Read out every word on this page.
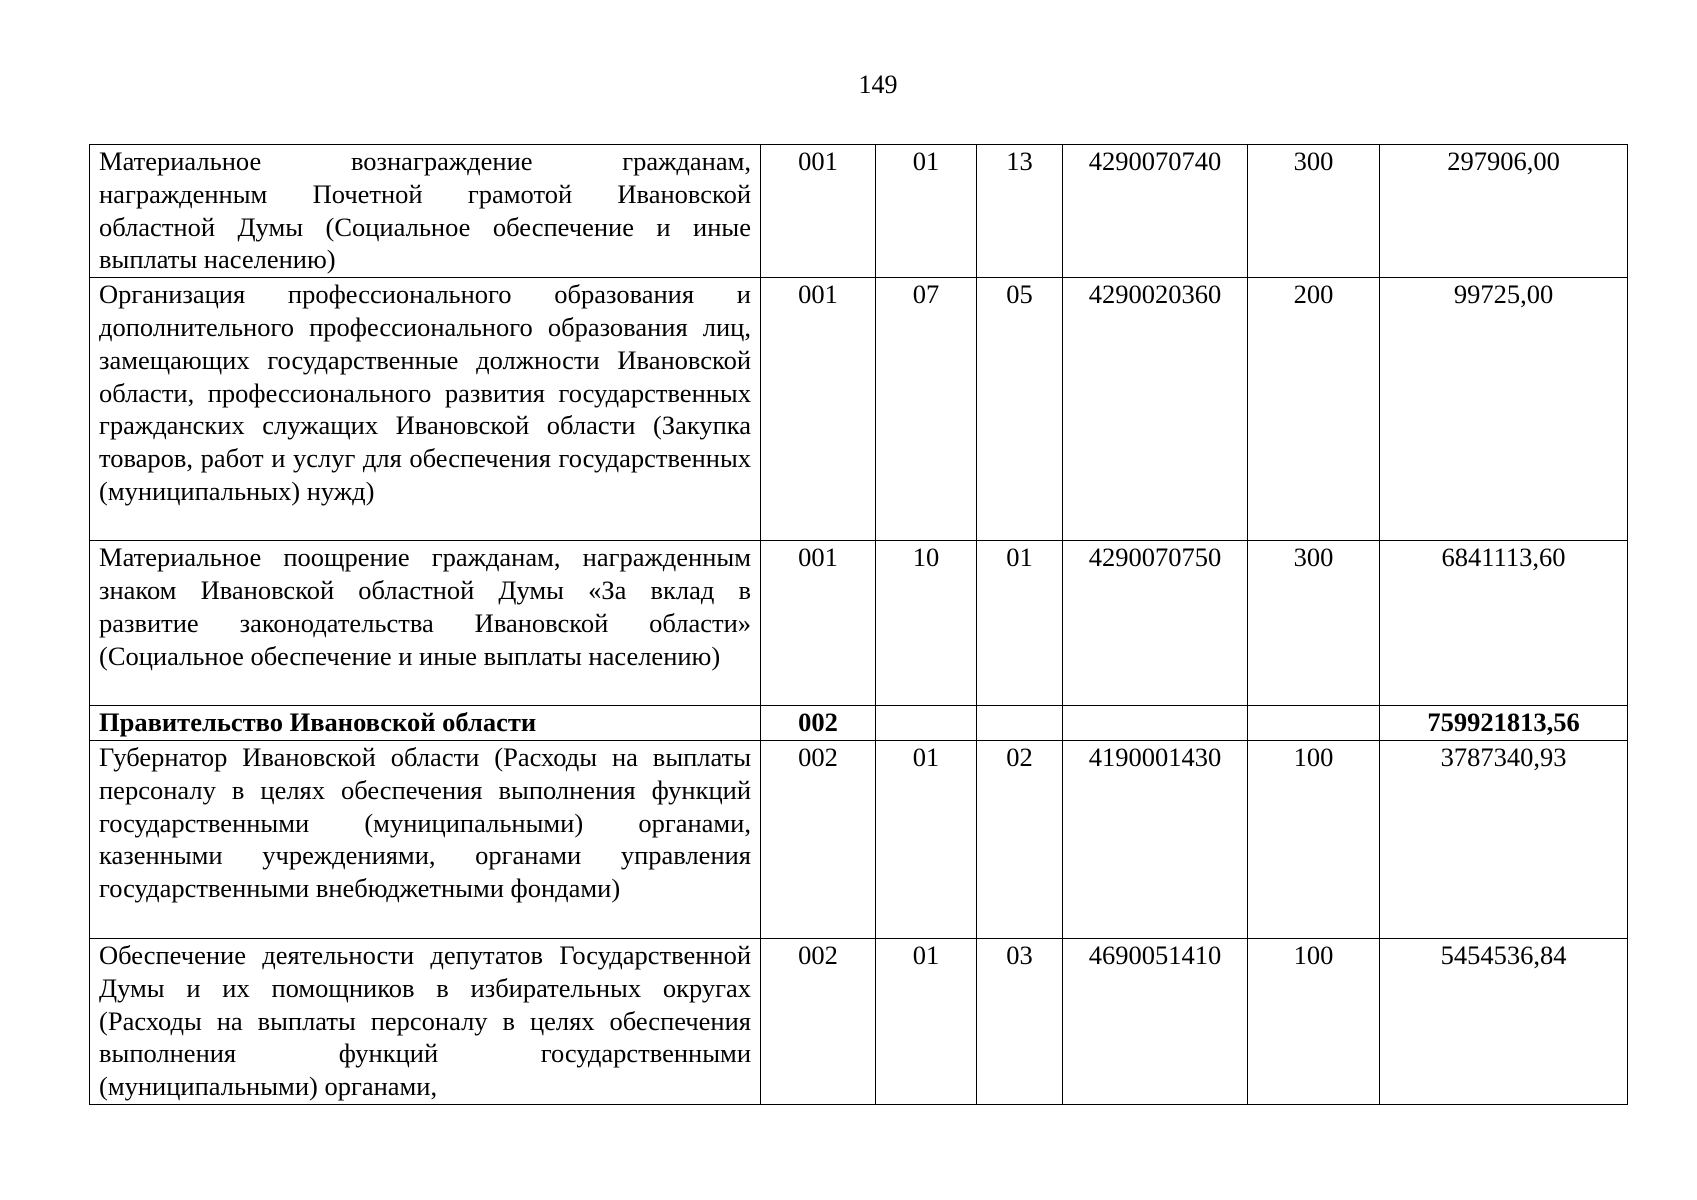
149
Материальное вознаграждение гражданам, награжденным Почетной грамотой Ивановской областной Думы (Социальное обеспечение и иные выплаты населению)	001	01	13	4290070740	300	297906,00
Организация профессионального образования и дополнительного профессионального образования лиц, замещающих государственные должности Ивановской области, профессионального развития государственных гражданских служащих Ивановской области (Закупка товаров, работ и услуг для обеспечения государственных (муниципальных) нужд)	001	07	05	4290020360	200	99725,00
Материальное поощрение гражданам, награжденным знаком Ивановской областной Думы «За вклад в развитие законодательства Ивановской области» (Социальное обеспечение и иные выплаты населению)	001	10	01	4290070750	300	6841113,60
Правительство Ивановской области	002					759921813,56
Губернатор Ивановской области (Расходы на выплаты персоналу в целях обеспечения выполнения функций государственными (муниципальными) органами, казенными учреждениями, органами управления государственными внебюджетными фондами)	002	01	02	4190001430	100	3787340,93
Обеспечение деятельности депутатов Государственной Думы и их помощников в избирательных округах (Расходы на выплаты персоналу в целях обеспечения выполнения функций государственными (муниципальными) органами,	002	01	03	4690051410	100	5454536,84
